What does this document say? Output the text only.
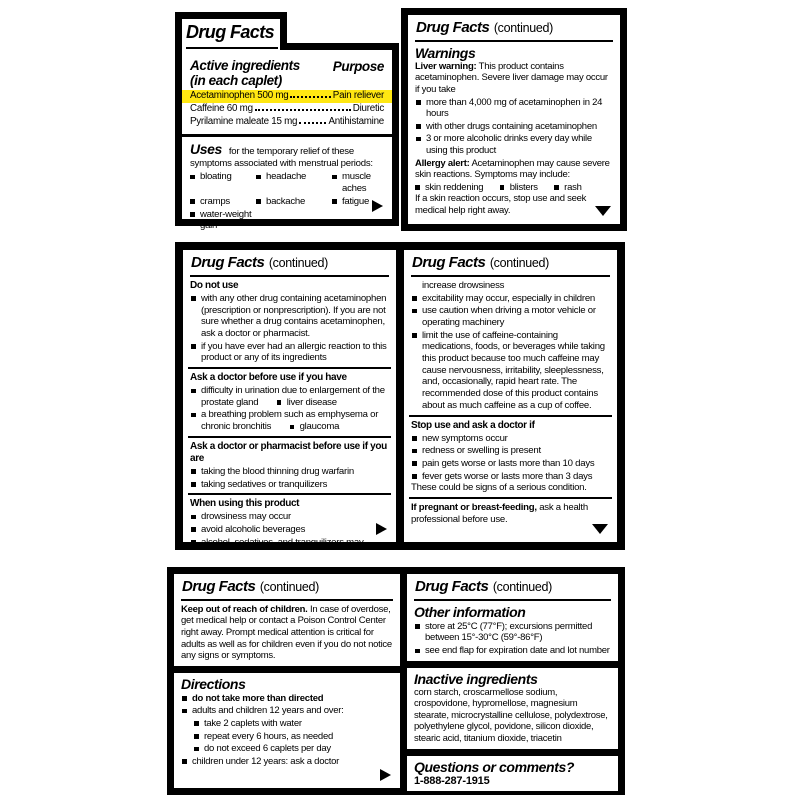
Drug Facts
Active ingredients
(in each caplet)
Purpose
Acetaminophen 500 mg	Pain reliever
Caffeine 60 mg	Diuretic
Pyrilamine maleate 15 mg	Antihistamine
Uses for the temporary relief of these symptoms associated with menstrual periods:
bloating	headache	muscle aches
cramps	backache	fatigue
water-weight gain
Drug Facts (continued)
Warnings
Liver warning: This product contains acetaminophen. Severe liver damage may occur if you take
more than 4,000 mg of acetaminophen in 24 hours
with other drugs containing acetaminophen
3 or more alcoholic drinks every day while using this product
Allergy alert: Acetaminophen may cause severe skin reactions. Symptoms may include:
skin reddening	blisters	rash
If a skin reaction occurs, stop use and seek medical help right away.
Drug Facts (continued)
Do not use
with any other drug containing acetaminophen (prescription or nonprescription). If you are not sure whether a drug contains acetaminophen, ask a doctor or pharmacist.
if you have ever had an allergic reaction to this product or any of its ingredients
Ask a doctor before use if you have
difficulty in urination due to enlargement of the prostate gland	liver disease
a breathing problem such as emphysema or chronic bronchitis	glaucoma
Ask a doctor or pharmacist before use if you are
taking the blood thinning drug warfarin
taking sedatives or tranquilizers
When using this product
drowsiness may occur
avoid alcoholic beverages
alcohol, sedatives, and tranquilizers may
Drug Facts (continued)
increase drowsiness
excitability may occur, especially in children
use caution when driving a motor vehicle or operating machinery
limit the use of caffeine-containing medications, foods, or beverages while taking this product because too much caffeine may cause nervousness, irritability, sleeplessness, and, occasionally, rapid heart rate. The recommended dose of this product contains about as much caffeine as a cup of coffee.
Stop use and ask a doctor if
new symptoms occur
redness or swelling is present
pain gets worse or lasts more than 10 days
fever gets worse or lasts more than 3 days
These could be signs of a serious condition.
If pregnant or breast-feeding, ask a health professional before use.
Drug Facts (continued)
Keep out of reach of children. In case of overdose, get medical help or contact a Poison Control Center right away. Prompt medical attention is critical for adults as well as for children even if you do not notice any signs or symptoms.
Directions
do not take more than directed
adults and children 12 years and over:
take 2 caplets with water
repeat every 6 hours, as needed
do not exceed 6 caplets per day
children under 12 years: ask a doctor
Drug Facts (continued)
Other information
store at 25°C (77°F); excursions permitted between 15°-30°C (59°-86°F)
see end flap for expiration date and lot number
Inactive ingredients
corn starch, croscarmellose sodium, crospovidone, hypromellose, magnesium stearate, microcrystalline cellulose, polydextrose, polyethylene glycol, povidone, silicon dioxide, stearic acid, titanium dioxide, triacetin
Questions or comments?
1-888-287-1915
